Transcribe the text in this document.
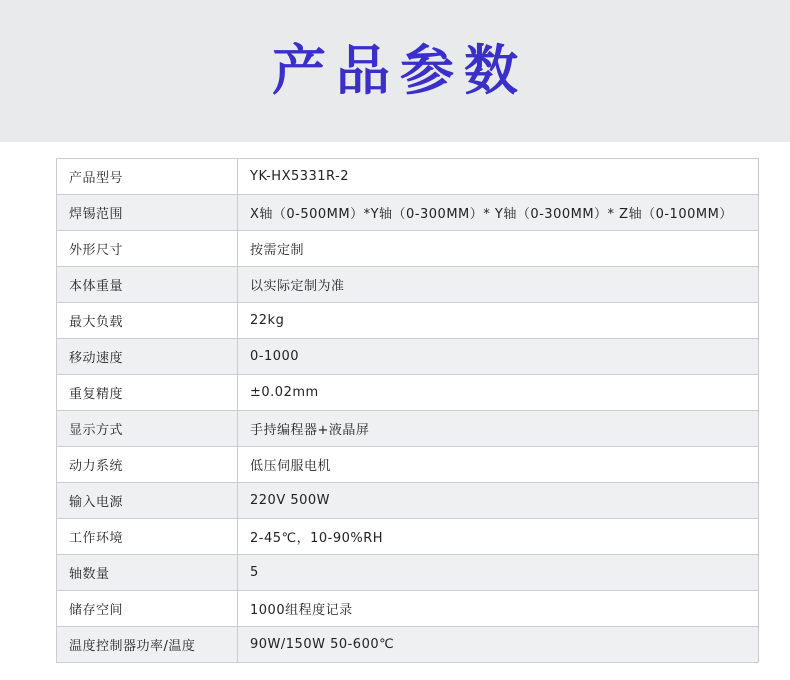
产品参数
产品型号	YK-HX5331R-2
焊锡范围	X轴（0-500MM）*Y轴（0-300MM）* Y轴（0-300MM）* Z轴（0-100MM）
外形尺寸	按需定制
本体重量	以实际定制为准
最大负载	22kg
移动速度	0-1000
重复精度	±0.02mm
显示方式	手持编程器+液晶屏
动力系统	低压伺服电机
输入电源	220V 500W
工作环境	2-45℃，10-90%RH
轴数量	5
储存空间	1000组程度记录
温度控制器功率/温度	90W/150W 50-600℃
